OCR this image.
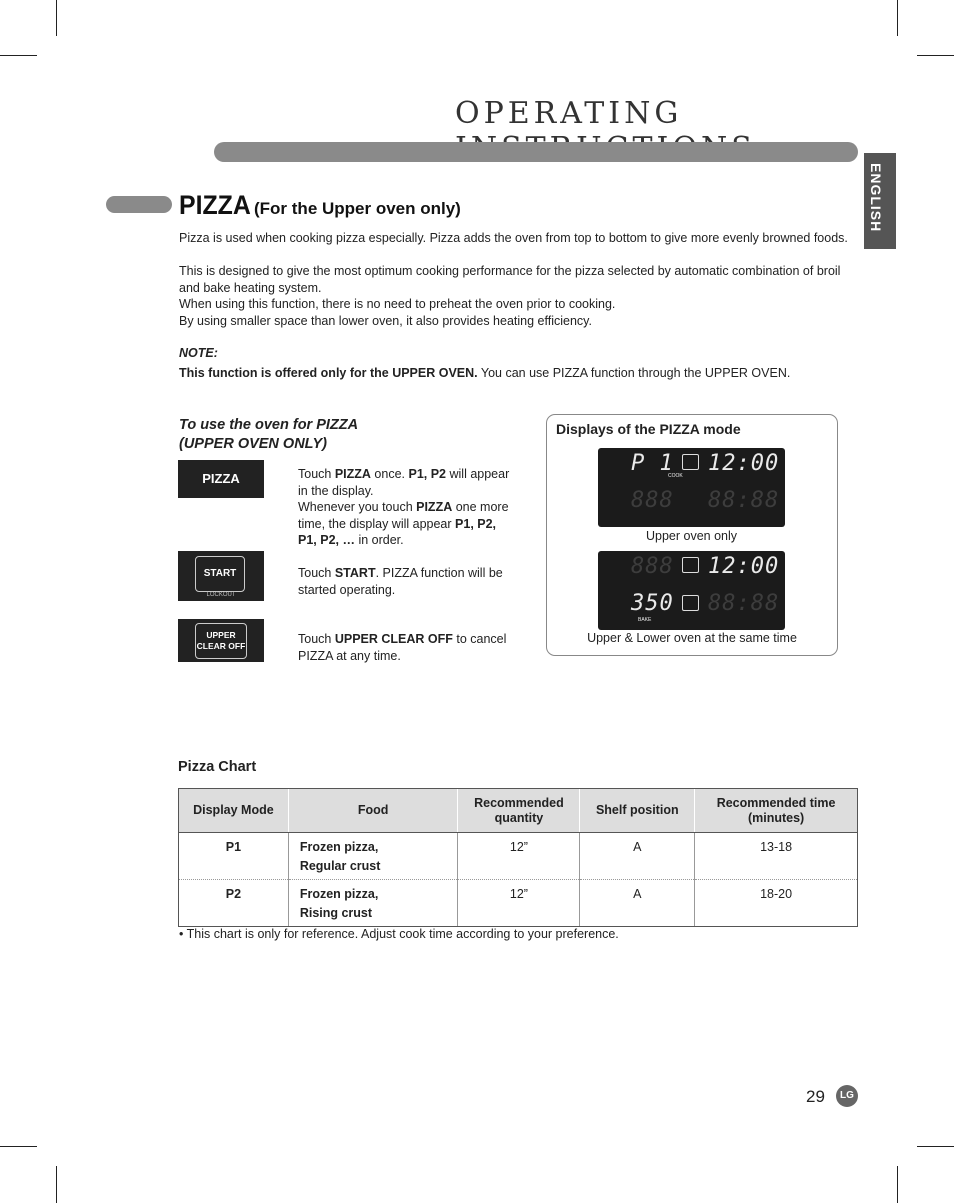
OPERATING
ENGLISH
PIZZA (For the Upper oven only)
Pizza is used when cooking pizza especially. Pizza adds the oven from top to bottom to give more evenly browned foods.
This is designed to give the most optimum cooking performance for the pizza selected by automatic combination of broil and bake heating system.
When using this function, there is no need to preheat the oven prior to cooking.
By using smaller space than lower oven, it also provides heating efficiency.
NOTE:
This function is offered only for the UPPER OVEN. You can use PIZZA function through the UPPER OVEN.
To use the oven for PIZZA
(UPPER OVEN ONLY)
PIZZA	Touch PIZZA once. P1, P2 will appear in the display.
Whenever you touch PIZZA one more time, the display will appear P1, P2, P1, P2, … in order.
START
LOCKOUT
Touch START. PIZZA function will be started operating.
UPPER
CLEAR OFF	Touch UPPER CLEAR OFF to cancel PIZZA at any time.
Displays of the PIZZA mode
P 1
COOK 12:00
888 88:88
Upper oven only
888 12:00
350
BAKE
88:88
Upper & Lower oven at the same time
Pizza Chart
Display Mode	Food	Recommended quantity	Shelf position	Recommended time (minutes)
P1	Frozen pizza,
Regular crust	12”	A	13-18
P2	Frozen pizza,
Rising crust	12”	A	18-20
• This chart is only for reference. Adjust cook time according to your preference.
29	LG
